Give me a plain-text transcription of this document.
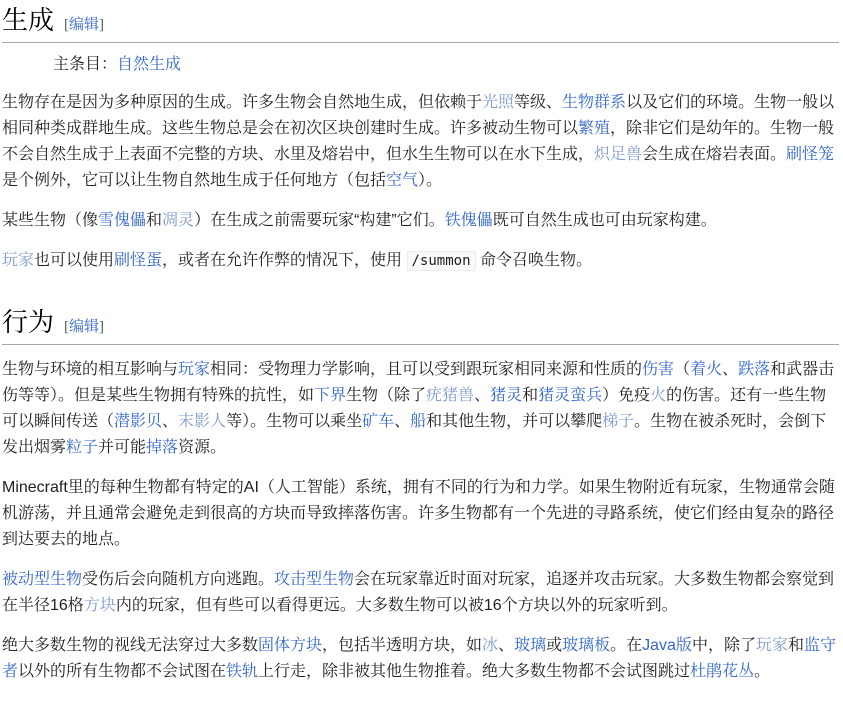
生成 [编辑]
主条目：自然生成

生物存在是因为多种原因的生成。许多生物会自然地生成，但依赖于光照等级、生物群系以及它们的环境。生物一般以相同种类成群地生成。这些生物总是会在初次区块创建时生成。许多被动生物可以繁殖，除非它们是幼年的。生物一般不会自然生成于上表面不完整的方块、水里及熔岩中，但水生生物可以在水下生成，炽足兽会生成在熔岩表面。刷怪笼是个例外，它可以让生物自然地生成于任何地方（包括空气）。

某些生物（像雪傀儡和凋灵）在生成之前需要玩家“构建”它们。铁傀儡既可自然生成也可由玩家构建。

玩家也可以使用刷怪蛋，或者在允许作弊的情况下，使用 /summon 命令召唤生物。

行为 [编辑]

生物与环境的相互影响与玩家相同：受物理力学影响，且可以受到跟玩家相同来源和性质的伤害（着火、跌落和武器击伤等等）。但是某些生物拥有特殊的抗性，如下界生物（除了疣猪兽、猪灵和猪灵蛮兵）免疫火的伤害。还有一些生物可以瞬间传送（潜影贝、末影人等）。生物可以乘坐矿车、船和其他生物，并可以攀爬梯子。生物在被杀死时，会倒下发出烟雾粒子并可能掉落资源。

Minecraft里的每种生物都有特定的AI（人工智能）系统，拥有不同的行为和力学。如果生物附近有玩家，生物通常会随机游荡，并且通常会避免走到很高的方块而导致摔落伤害。许多生物都有一个先进的寻路系统，使它们经由复杂的路径到达要去的地点。

被动型生物受伤后会向随机方向逃跑。攻击型生物会在玩家靠近时面对玩家，追逐并攻击玩家。大多数生物都会察觉到在半径16格方块内的玩家，但有些可以看得更远。大多数生物可以被16个方块以外的玩家听到。

绝大多数生物的视线无法穿过大多数固体方块，包括半透明方块，如冰、玻璃或玻璃板。在Java版中，除了玩家和监守者以外的所有生物都不会试图在铁轨上行走，除非被其他生物推着。绝大多数生物都不会试图跳过杜鹃花丛。
